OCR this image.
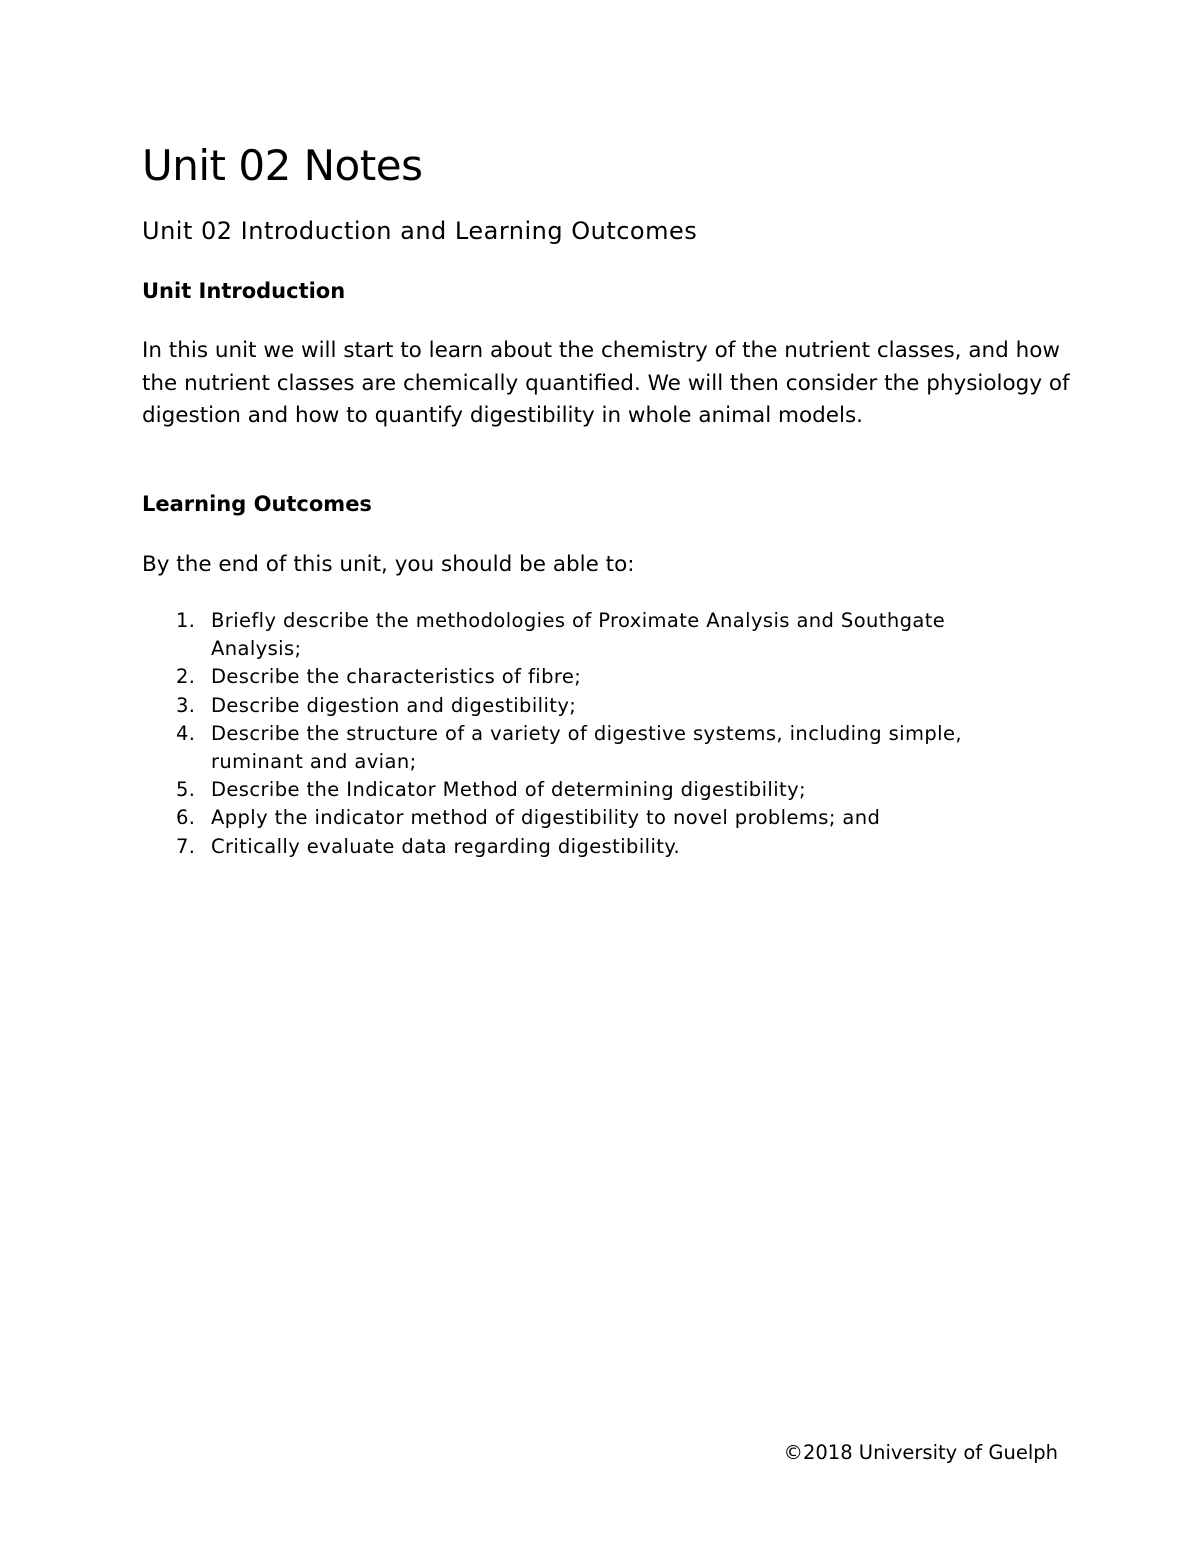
Unit 02 Notes
Unit 02 Introduction and Learning Outcomes
Unit Introduction

In this unit we will start to learn about the chemistry of the nutrient classes, and how the nutrient classes are chemically quantified. We will then consider the physiology of digestion and how to quantify digestibility in whole animal models.

Learning Outcomes

By the end of this unit, you should be able to:

1. Briefly describe the methodologies of Proximate Analysis and Southgate Analysis;
2. Describe the characteristics of fibre;
3. Describe digestion and digestibility;
4. Describe the structure of a variety of digestive systems, including simple, ruminant and avian;
5. Describe the Indicator Method of determining digestibility;
6. Apply the indicator method of digestibility to novel problems; and
7. Critically evaluate data regarding digestibility.

©2018 University of Guelph
